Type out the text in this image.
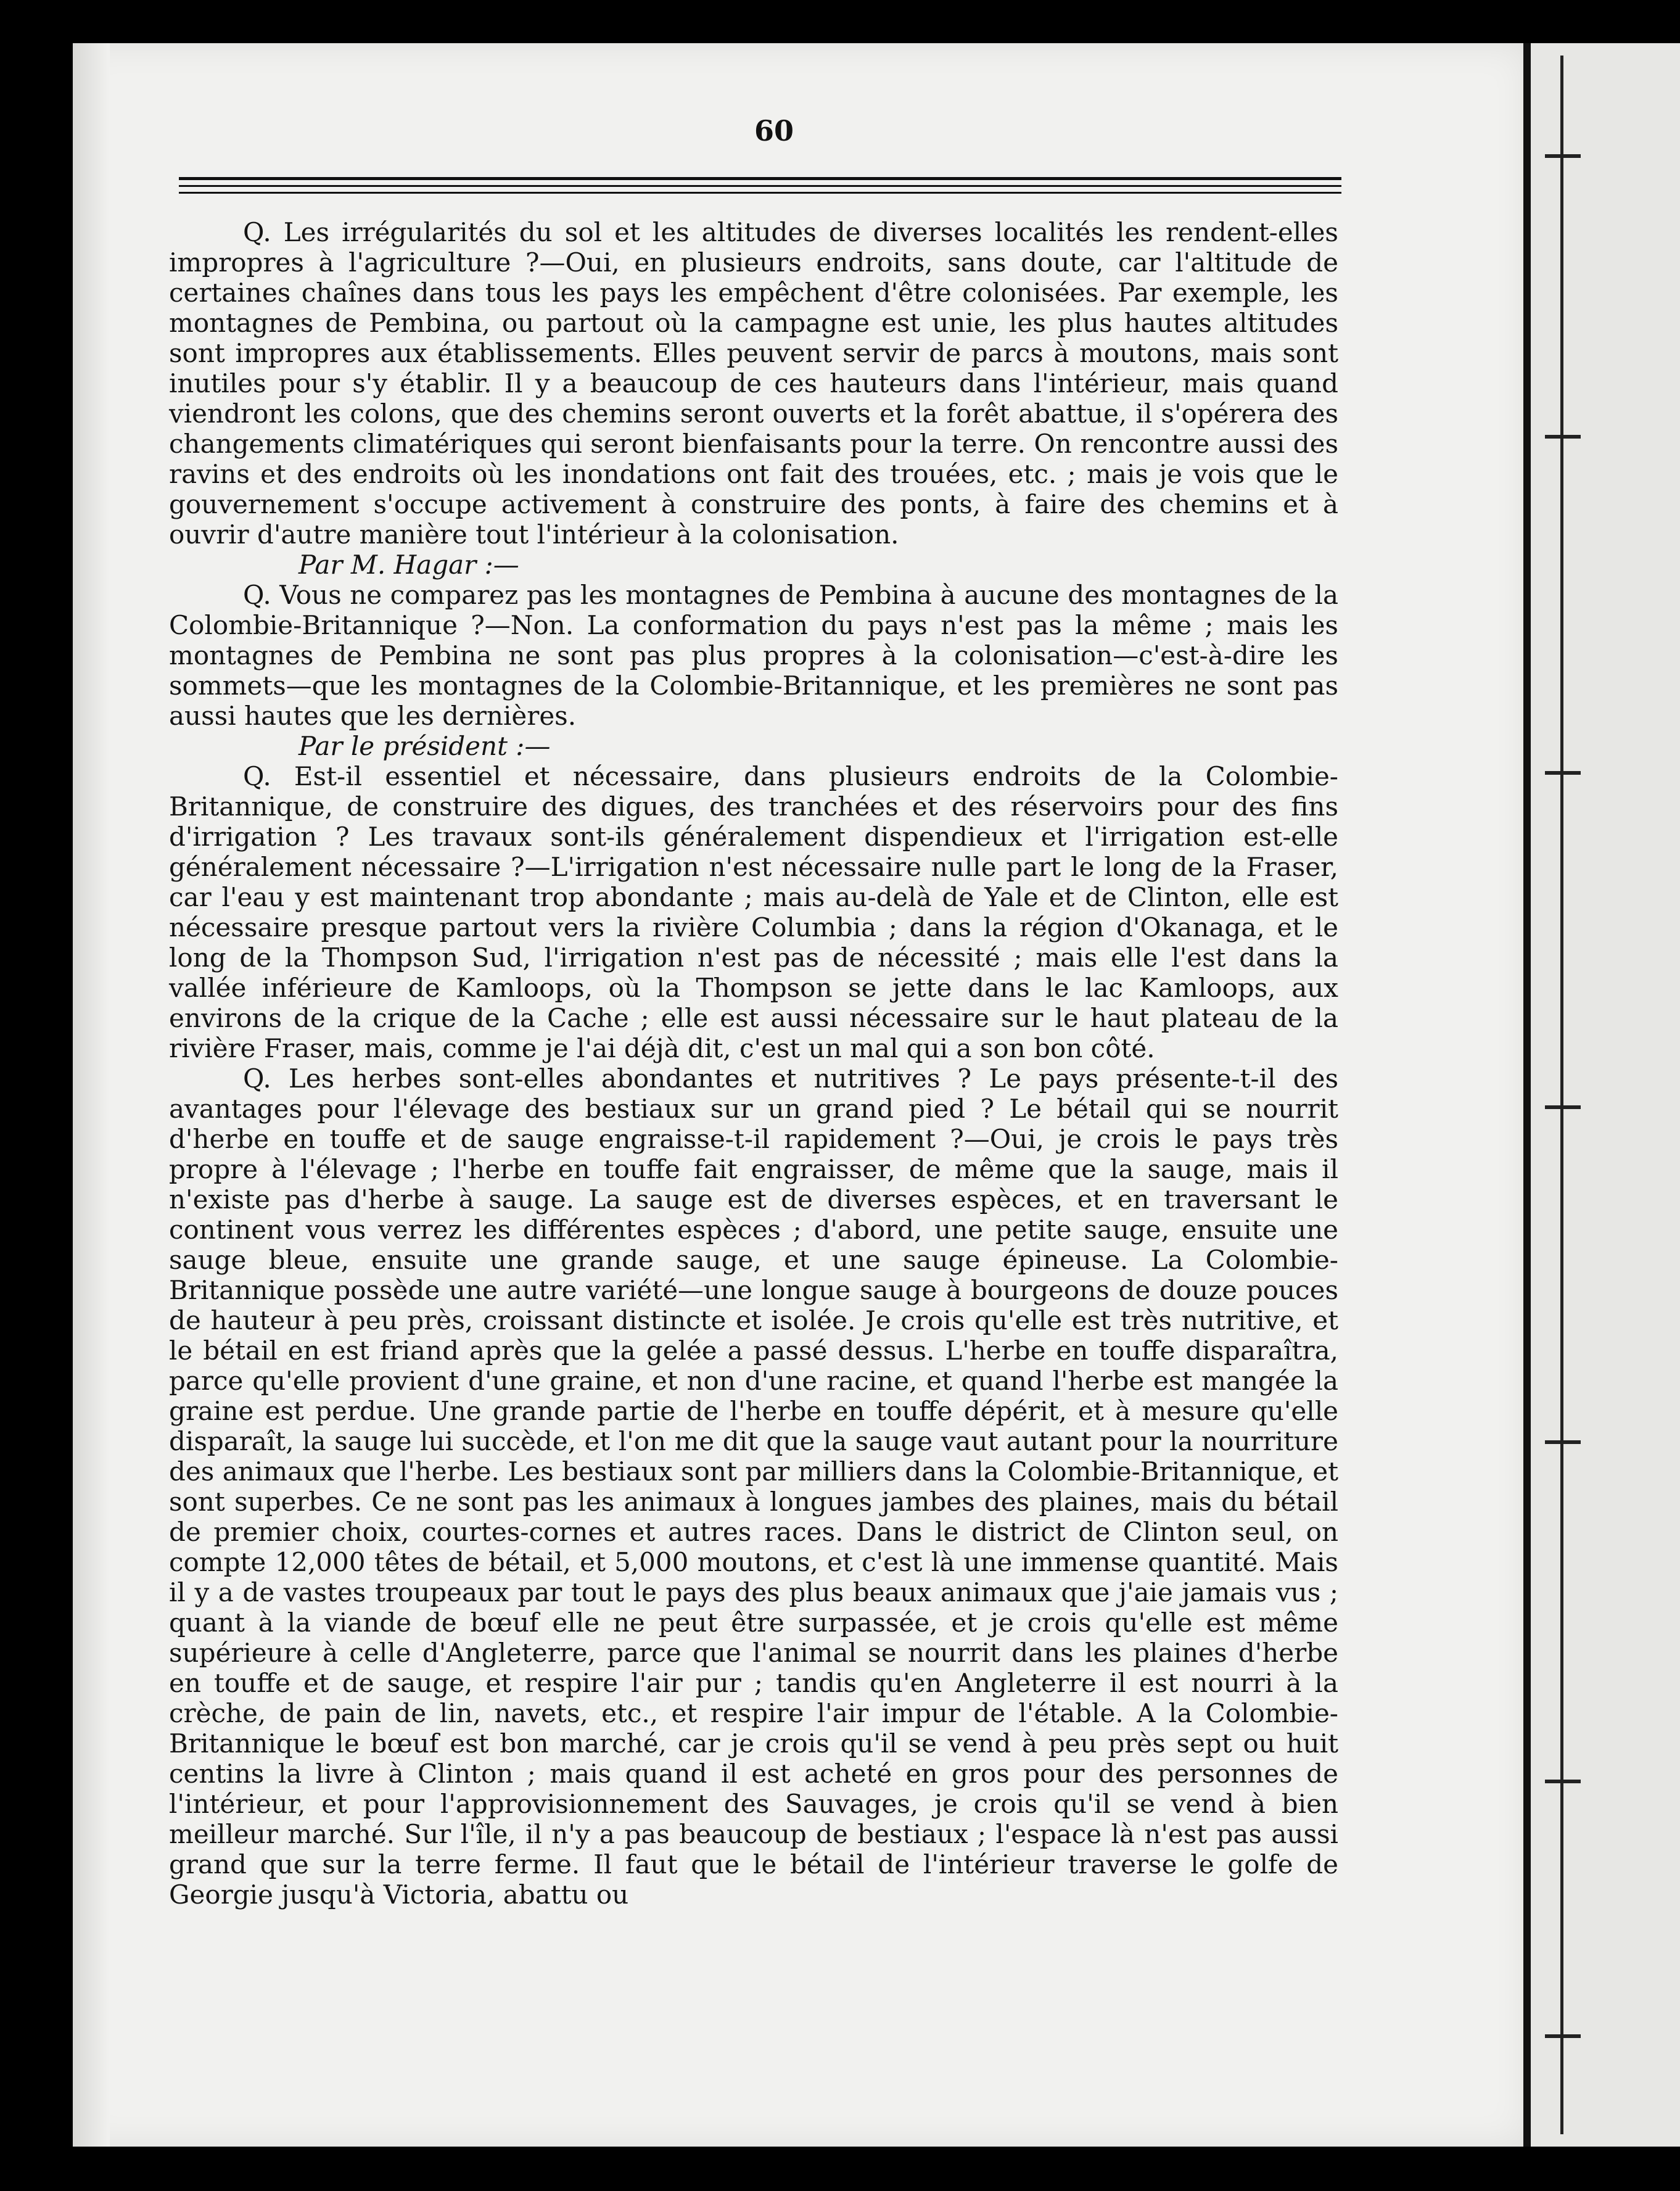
60

Q. Les irrégularités du sol et les altitudes de diverses localités les rendent-elles impropres à l'agriculture ?—Oui, en plusieurs endroits, sans doute, car l'altitude de certaines chaînes dans tous les pays les empêchent d'être colonisées. Par exemple, les montagnes de Pembina, ou partout où la campagne est unie, les plus hautes altitudes sont impropres aux établissements. Elles peuvent servir de parcs à moutons, mais sont inutiles pour s'y établir. Il y a beaucoup de ces hauteurs dans l'intérieur, mais quand viendront les colons, que des chemins seront ouverts et la forêt abattue, il s'opérera des changements climatériques qui seront bienfaisants pour la terre. On rencontre aussi des ravins et des endroits où les inondations ont fait des trouées, etc. ; mais je vois que le gouvernement s'occupe activement à construire des ponts, à faire des chemins et à ouvrir d'autre manière tout l'intérieur à la colonisation.

Par M. Hagar :—

Q. Vous ne comparez pas les montagnes de Pembina à aucune des montagnes de la Colombie-Britannique ?—Non. La conformation du pays n'est pas la même ; mais les montagnes de Pembina ne sont pas plus propres à la colonisation—c'est-à-dire les sommets—que les montagnes de la Colombie-Britannique, et les premières ne sont pas aussi hautes que les dernières.

Par le président :—

Q. Est-il essentiel et nécessaire, dans plusieurs endroits de la Colombie-Britannique, de construire des digues, des tranchées et des réservoirs pour des fins d'irrigation ? Les travaux sont-ils généralement dispendieux et l'irrigation est-elle généralement nécessaire ?—L'irrigation n'est nécessaire nulle part le long de la Fraser, car l'eau y est maintenant trop abondante ; mais au-delà de Yale et de Clinton, elle est nécessaire presque partout vers la rivière Columbia ; dans la région d'Okanaga, et le long de la Thompson Sud, l'irrigation n'est pas de nécessité ; mais elle l'est dans la vallée inférieure de Kamloops, où la Thompson se jette dans le lac Kamloops, aux environs de la crique de la Cache ; elle est aussi nécessaire sur le haut plateau de la rivière Fraser, mais, comme je l'ai déjà dit, c'est un mal qui a son bon côté.

Q. Les herbes sont-elles abondantes et nutritives ? Le pays présente-t-il des avantages pour l'élevage des bestiaux sur un grand pied ? Le bétail qui se nourrit d'herbe en touffe et de sauge engraisse-t-il rapidement ?—Oui, je crois le pays très propre à l'élevage ; l'herbe en touffe fait engraisser, de même que la sauge, mais il n'existe pas d'herbe à sauge. La sauge est de diverses espèces, et en traversant le continent vous verrez les différentes espèces ; d'abord, une petite sauge, ensuite une sauge bleue, ensuite une grande sauge, et une sauge épineuse. La Colombie-Britannique possède une autre variété—une longue sauge à bourgeons de douze pouces de hauteur à peu près, croissant distincte et isolée. Je crois qu'elle est très nutritive, et le bétail en est friand après que la gelée a passé dessus. L'herbe en touffe disparaîtra, parce qu'elle provient d'une graine, et non d'une racine, et quand l'herbe est mangée la graine est perdue. Une grande partie de l'herbe en touffe dépérit, et à mesure qu'elle disparaît, la sauge lui succède, et l'on me dit que la sauge vaut autant pour la nourriture des animaux que l'herbe. Les bestiaux sont par milliers dans la Colombie-Britannique, et sont superbes. Ce ne sont pas les animaux à longues jambes des plaines, mais du bétail de premier choix, courtes-cornes et autres races. Dans le district de Clinton seul, on compte 12,000 têtes de bétail, et 5,000 moutons, et c'est là une immense quantité. Mais il y a de vastes troupeaux par tout le pays des plus beaux animaux que j'aie jamais vus ; quant à la viande de bœuf elle ne peut être surpassée, et je crois qu'elle est même supérieure à celle d'Angleterre, parce que l'animal se nourrit dans les plaines d'herbe en touffe et de sauge, et respire l'air pur ; tandis qu'en Angleterre il est nourri à la crèche, de pain de lin, navets, etc., et respire l'air impur de l'étable. A la Colombie-Britannique le bœuf est bon marché, car je crois qu'il se vend à peu près sept ou huit centins la livre à Clinton ; mais quand il est acheté en gros pour des personnes de l'intérieur, et pour l'approvisionnement des Sauvages, je crois qu'il se vend à bien meilleur marché. Sur l'île, il n'y a pas beaucoup de bestiaux ; l'espace là n'est pas aussi grand que sur la terre ferme. Il faut que le bétail de l'intérieur traverse le golfe de Georgie jusqu'à Victoria, abattu ou
